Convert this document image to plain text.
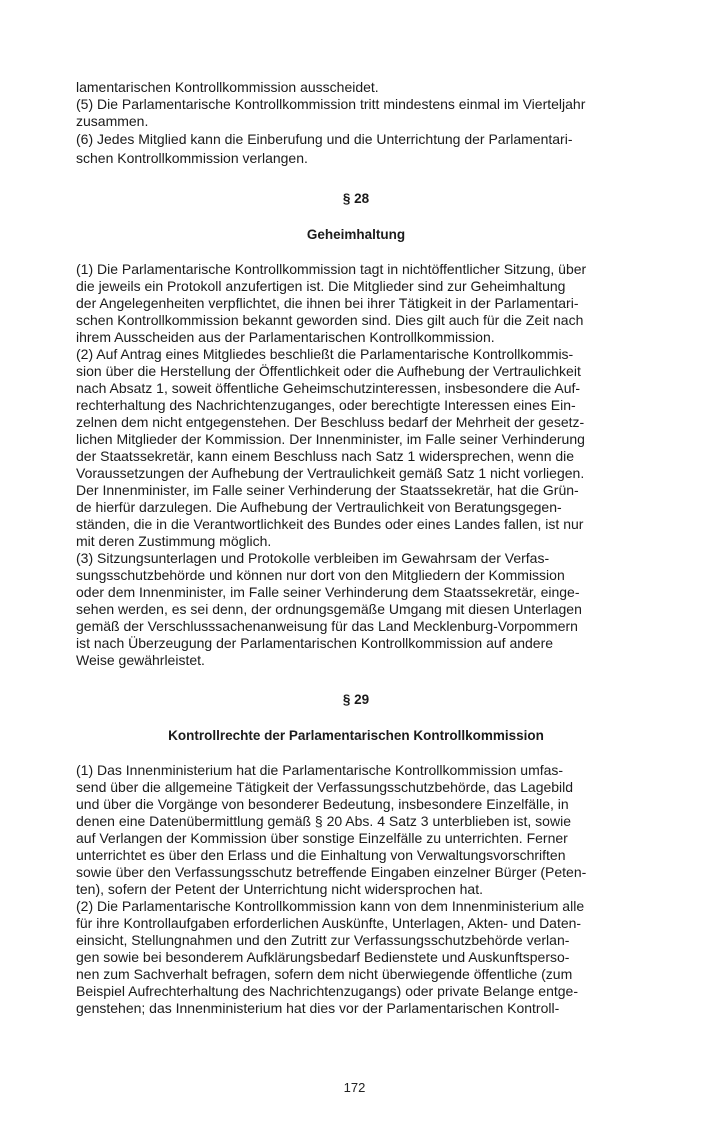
lamentarischen Kontrollkommission ausscheidet.

(5) Die Parlamentarische Kontrollkommission tritt mindestens einmal im Vierteljahr
zusammen.

(6) Jedes Mitglied kann die Einberufung und die Unterrichtung der Parlamentari-
schen Kontrollkommission verlangen.

§ 28

Geheimhaltung

(1) Die Parlamentarische Kontrollkommission tagt in nichtöffentlicher Sitzung, über
die jeweils ein Protokoll anzufertigen ist. Die Mitglieder sind zur Geheimhaltung
der Angelegenheiten verpflichtet, die ihnen bei ihrer Tätigkeit in der Parlamentari-
schen Kontrollkommission bekannt geworden sind. Dies gilt auch für die Zeit nach
ihrem Ausscheiden aus der Parlamentarischen Kontrollkommission.

(2) Auf Antrag eines Mitgliedes beschließt die Parlamentarische Kontrollkommis-
sion über die Herstellung der Öffentlichkeit oder die Aufhebung der Vertraulichkeit
nach Absatz 1, soweit öffentliche Geheimschutzinteressen, insbesondere die Auf-
rechterhaltung des Nachrichtenzuganges, oder berechtigte Interessen eines Ein-
zelnen dem nicht entgegenstehen. Der Beschluss bedarf der Mehrheit der gesetz-
lichen Mitglieder der Kommission. Der Innenminister, im Falle seiner Verhinderung
der Staatssekretär, kann einem Beschluss nach Satz 1 widersprechen, wenn die
Voraussetzungen der Aufhebung der Vertraulichkeit gemäß Satz 1 nicht vorliegen.
Der Innenminister, im Falle seiner Verhinderung der Staatssekretär, hat die Grün-
de hierfür darzulegen. Die Aufhebung der Vertraulichkeit von Beratungsgegen-
ständen, die in die Verantwortlichkeit des Bundes oder eines Landes fallen, ist nur
mit deren Zustimmung möglich.

(3) Sitzungsunterlagen und Protokolle verbleiben im Gewahrsam der Verfas-
sungsschutzbehörde und können nur dort von den Mitgliedern der Kommission
oder dem Innenminister, im Falle seiner Verhinderung dem Staatssekretär, einge-
sehen werden, es sei denn, der ordnungsgemäße Umgang mit diesen Unterlagen
gemäß der Verschlusssachenanweisung für das Land Mecklenburg-Vorpommern
ist nach Überzeugung der Parlamentarischen Kontrollkommission auf andere
Weise gewährleistet.

§ 29

Kontrollrechte der Parlamentarischen Kontrollkommission

(1) Das Innenministerium hat die Parlamentarische Kontrollkommission umfas-
send über die allgemeine Tätigkeit der Verfassungsschutzbehörde, das Lagebild
und über die Vorgänge von besonderer Bedeutung, insbesondere Einzelfälle, in
denen eine Datenübermittlung gemäß § 20 Abs. 4 Satz 3 unterblieben ist, sowie
auf Verlangen der Kommission über sonstige Einzelfälle zu unterrichten. Ferner
unterrichtet es über den Erlass und die Einhaltung von Verwaltungsvorschriften
sowie über den Verfassungsschutz betreffende Eingaben einzelner Bürger (Peten-
ten), sofern der Petent der Unterrichtung nicht widersprochen hat.

(2) Die Parlamentarische Kontrollkommission kann von dem Innenministerium alle
für ihre Kontrollaufgaben erforderlichen Auskünfte, Unterlagen, Akten- und Daten-
einsicht, Stellungnahmen und den Zutritt zur Verfassungsschutzbehörde verlan-
gen sowie bei besonderem Aufklärungsbedarf Bedienstete und Auskunftsperso-
nen zum Sachverhalt befragen, sofern dem nicht überwiegende öffentliche (zum
Beispiel Aufrechterhaltung des Nachrichtenzugangs) oder private Belange entge-
genstehen; das Innenministerium hat dies vor der Parlamentarischen Kontroll-

172
